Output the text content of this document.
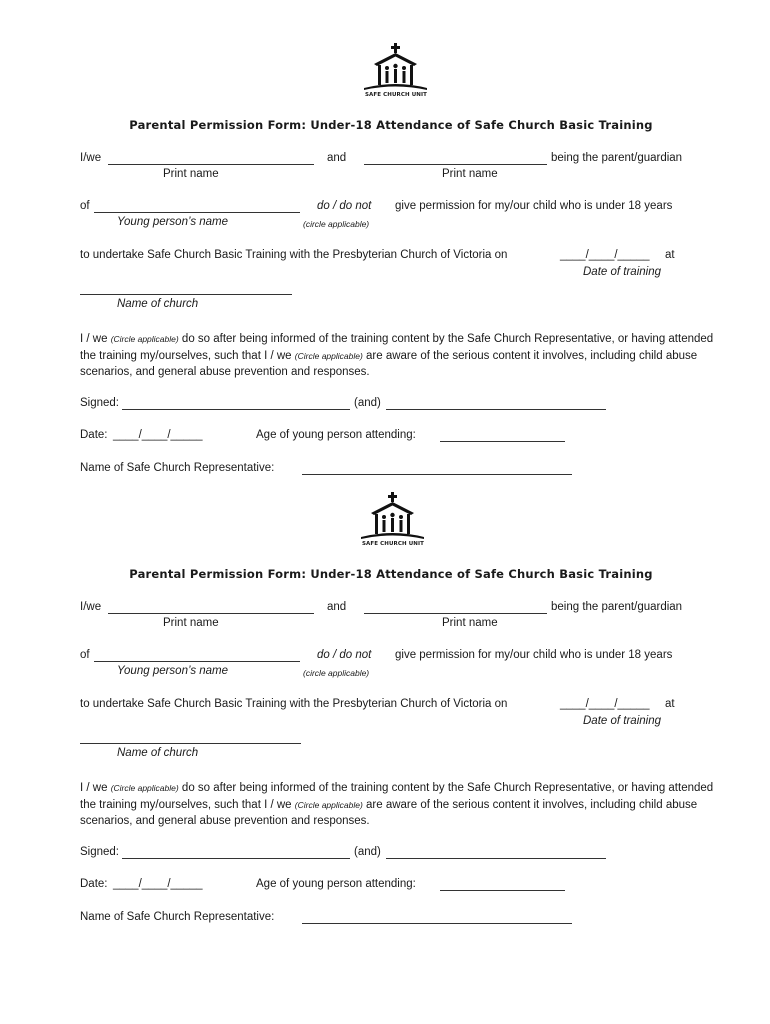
SAFE CHURCH UNIT
Parental Permission Form: Under-18 Attendance of Safe Church Basic Training
I/we	and	being the parent/guardian
Print name	Print name
of	do / do not give permission for my/our child who is under 18 years
Young person’s name	(circle applicable)
to undertake Safe Church Basic Training with the Presbyterian Church of Victoria on	____/____/_____ at
Date of training
Name of church
I / we (Circle applicable) do so after being informed of the training content by the Safe Church Representative, or having attended the training my/ourselves, such that I / we (Circle applicable) are aware of the serious content it involves, including child abuse scenarios, and general abuse prevention and responses.
Signed:	(and)
Date: ____/____/_____	Age of young person attending:
Name of Safe Church Representative:
SAFE CHURCH UNIT
Parental Permission Form: Under-18 Attendance of Safe Church Basic Training
I/we	and	being the parent/guardian
Print name	Print name
of	do / do not give permission for my/our child who is under 18 years
Young person’s name	(circle applicable)
to undertake Safe Church Basic Training with the Presbyterian Church of Victoria on	____/____/_____ at
Date of training
Name of church
I / we (Circle applicable) do so after being informed of the training content by the Safe Church Representative, or having attended the training my/ourselves, such that I / we (Circle applicable) are aware of the serious content it involves, including child abuse scenarios, and general abuse prevention and responses.
Signed:	(and)
Date: ____/____/_____	Age of young person attending:
Name of Safe Church Representative:
